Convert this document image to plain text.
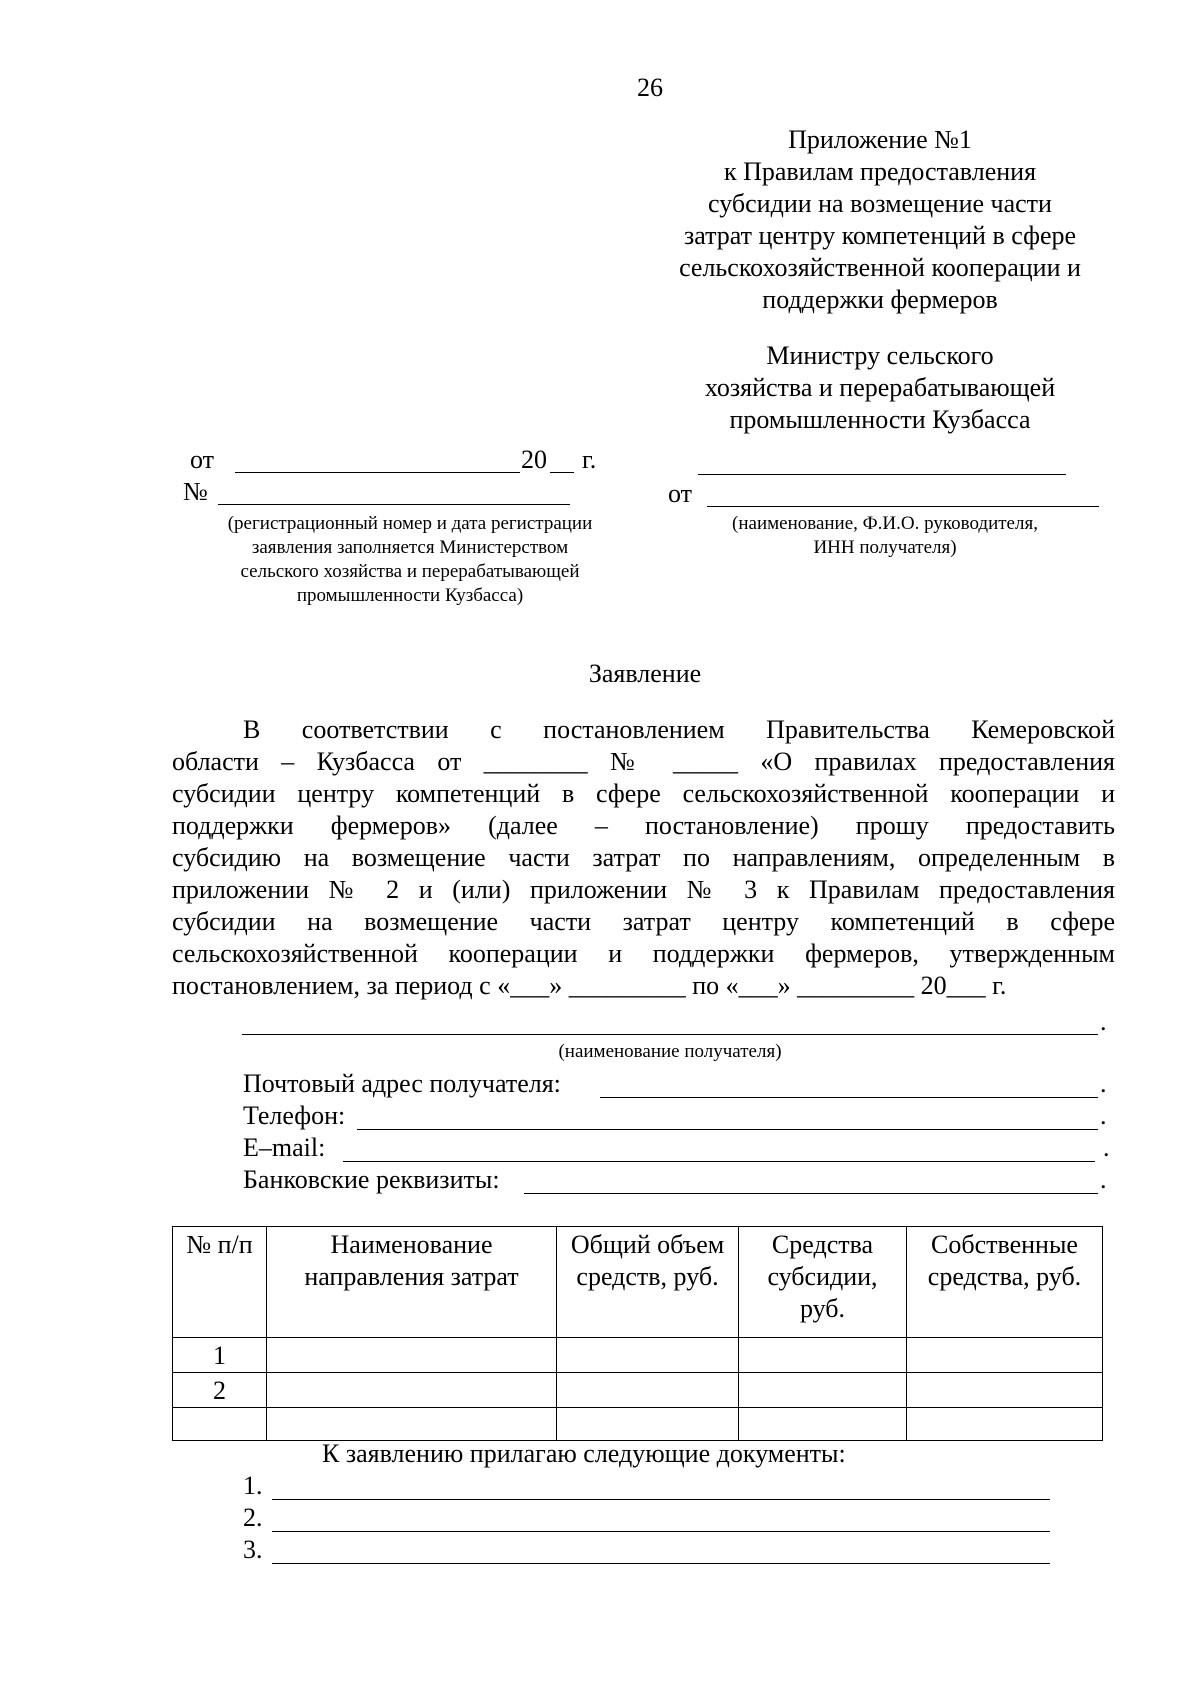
26
Приложение №1
к Правилам предоставления
субсидии на возмещение части
затрат центру компетенций в сфере
сельскохозяйственной кооперации и
поддержки фермеров
Министру сельского
хозяйства и перерабатывающей
промышленности Кузбасса
от	20 г.
№
(регистрационный номер и дата регистрации
заявления заполняется Министерством
сельского хозяйства и перерабатывающей
промышленности Кузбасса)
от
(наименование, Ф.И.О. руководителя,
ИНН получателя)
Заявление
В соответствии с постановлением Правительства Кемеровской
области – Кузбасса от ________ № _____ «О правилах предоставления
субсидии центру компетенций в сфере сельскохозяйственной кооперации и
поддержки фермеров» (далее – постановление) прошу предоставить
субсидию на возмещение части затрат по направлениям, определенным в
приложении № 2 и (или) приложении № 3 к Правилам предоставления
субсидии на возмещение части затрат центру компетенций в сфере
сельскохозяйственной кооперации и поддержки фермеров, утвержденным
постановлением, за период с «___» _________ по «___» _________ 20___ г.
.
(наименование получателя)
Почтовый адрес получателя:	.
Телефон:	.
E–mail:	.
Банковские реквизиты:	.
№ п/п	Наименование направления затрат	Общий объем средств, руб.	Средства субсидии, руб.	Собственные средства, руб.
1				
2				

К заявлению прилагаю следующие документы:
1.
2.
3.
